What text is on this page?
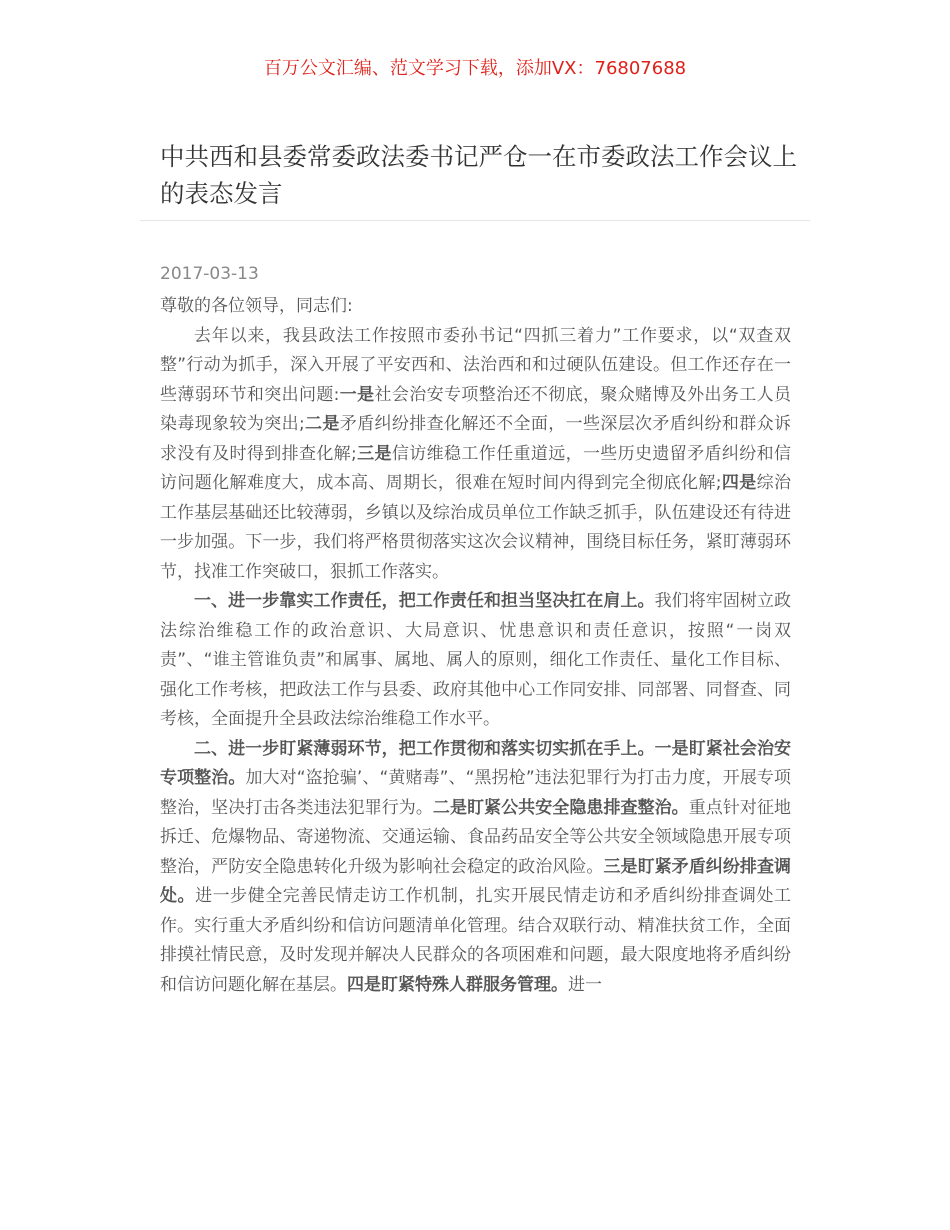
百万公文汇编、范文学习下载，添加VX：76807688
中共西和县委常委政法委书记严仓一在市委政法工作会议上的表态发言
2017-03-13

尊敬的各位领导，同志们:

去年以来，我县政法工作按照市委孙书记“四抓三着力”工作要求，以“双查双整”行动为抓手，深入开展了平安西和、法治西和和过硬队伍建设。但工作还存在一些薄弱环节和突出问题:一是社会治安专项整治还不彻底，聚众赌博及外出务工人员染毒现象较为突出;二是矛盾纠纷排查化解还不全面，一些深层次矛盾纠纷和群众诉求没有及时得到排查化解;三是信访维稳工作任重道远，一些历史遗留矛盾纠纷和信访问题化解难度大，成本高、周期长，很难在短时间内得到完全彻底化解;四是综治工作基层基础还比较薄弱，乡镇以及综治成员单位工作缺乏抓手，队伍建设还有待进一步加强。下一步，我们将严格贯彻落实这次会议精神，围绕目标任务，紧盯薄弱环节，找准工作突破口，狠抓工作落实。

一、进一步靠实工作责任，把工作责任和担当坚决扛在肩上。我们将牢固树立政法综治维稳工作的政治意识、大局意识、忧患意识和责任意识，按照“一岗双责”、“谁主管谁负责”和属事、属地、属人的原则，细化工作责任、量化工作目标、强化工作考核，把政法工作与县委、政府其他中心工作同安排、同部署、同督查、同考核，全面提升全县政法综治维稳工作水平。

二、进一步盯紧薄弱环节，把工作贯彻和落实切实抓在手上。一是盯紧社会治安专项整治。加大对“盗抢骗’、“黄赌毒”、“黑拐枪”违法犯罪行为打击力度，开展专项整治，坚决打击各类违法犯罪行为。二是盯紧公共安全隐患排查整治。重点针对征地拆迁、危爆物品、寄递物流、交通运输、食品药品安全等公共安全领域隐患开展专项整治，严防安全隐患转化升级为影响社会稳定的政治风险。三是盯紧矛盾纠纷排查调处。进一步健全完善民情走访工作机制，扎实开展民情走访和矛盾纠纷排查调处工作。实行重大矛盾纠纷和信访问题清单化管理。结合双联行动、精准扶贫工作，全面排摸社情民意，及时发现并解决人民群众的各项困难和问题，最大限度地将矛盾纠纷和信访问题化解在基层。四是盯紧特殊人群服务管理。进一
